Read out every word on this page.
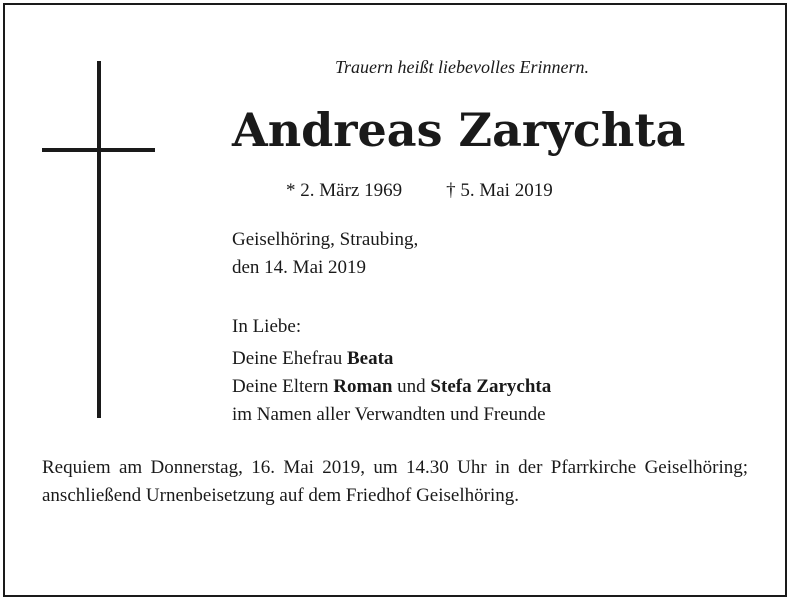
Trauern heißt liebevolles Erinnern.
Andreas Zarychta
* 2. März 1969 † 5. Mai 2019
Geiselhöring, Straubing,
den 14. Mai 2019
In Liebe:
Deine Ehefrau Beata
Deine Eltern Roman und Stefa Zarychta
im Namen aller Verwandten und Freunde
Requiem am Donnerstag, 16. Mai 2019, um 14.30 Uhr in der Pfarrkirche Geiselhöring; anschließend Urnenbeisetzung auf dem Friedhof Geiselhöring.
